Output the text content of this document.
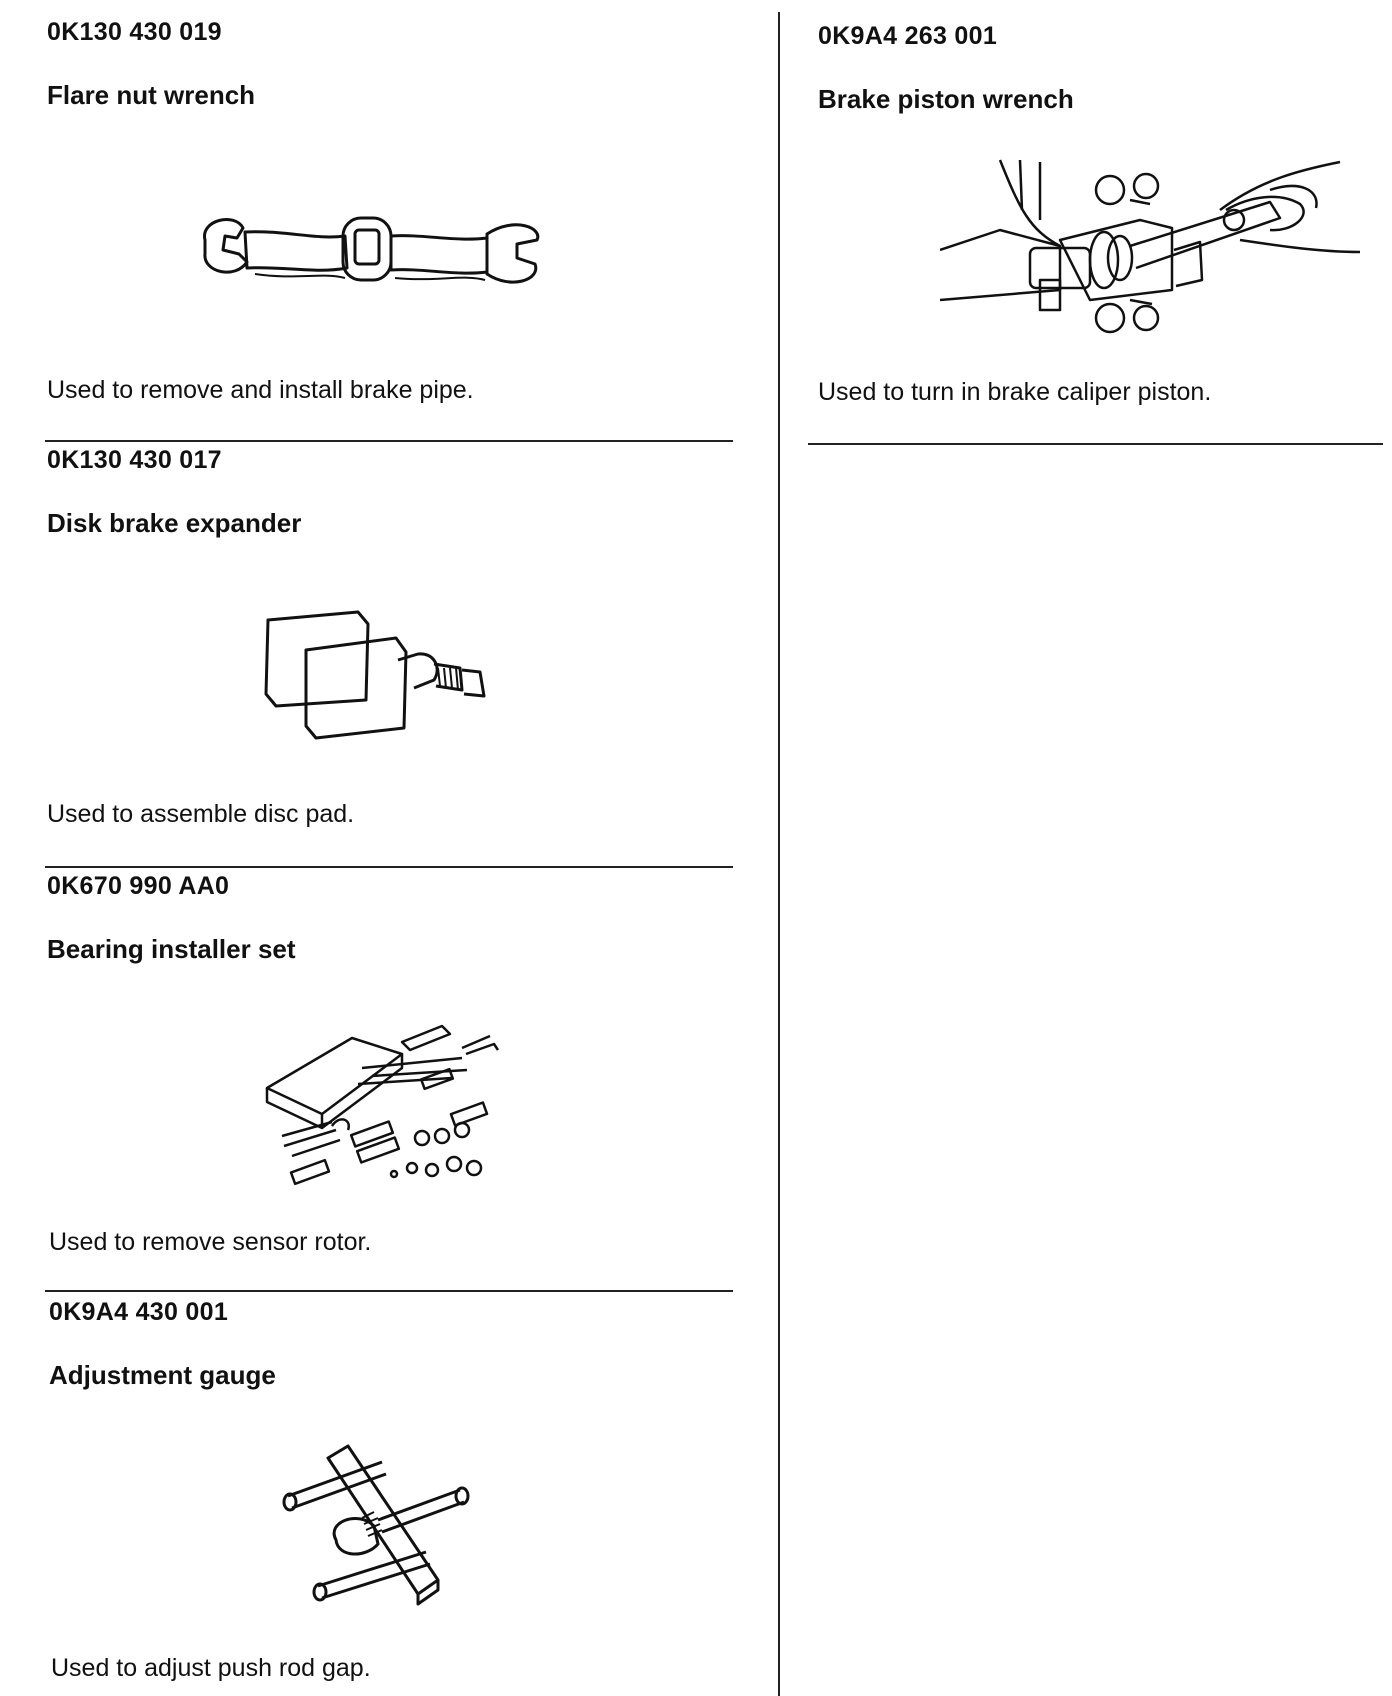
0K130 430 019
Flare nut wrench
Used to remove and install brake pipe.
0K130 430 017
Disk brake expander
Used to assemble disc pad.
0K670 990 AA0
Bearing installer set
Used to remove sensor rotor.
0K9A4 430 001
Adjustment gauge
Used to adjust push rod gap.
0K9A4 263 001
Brake piston wrench
Used to turn in brake caliper piston.
